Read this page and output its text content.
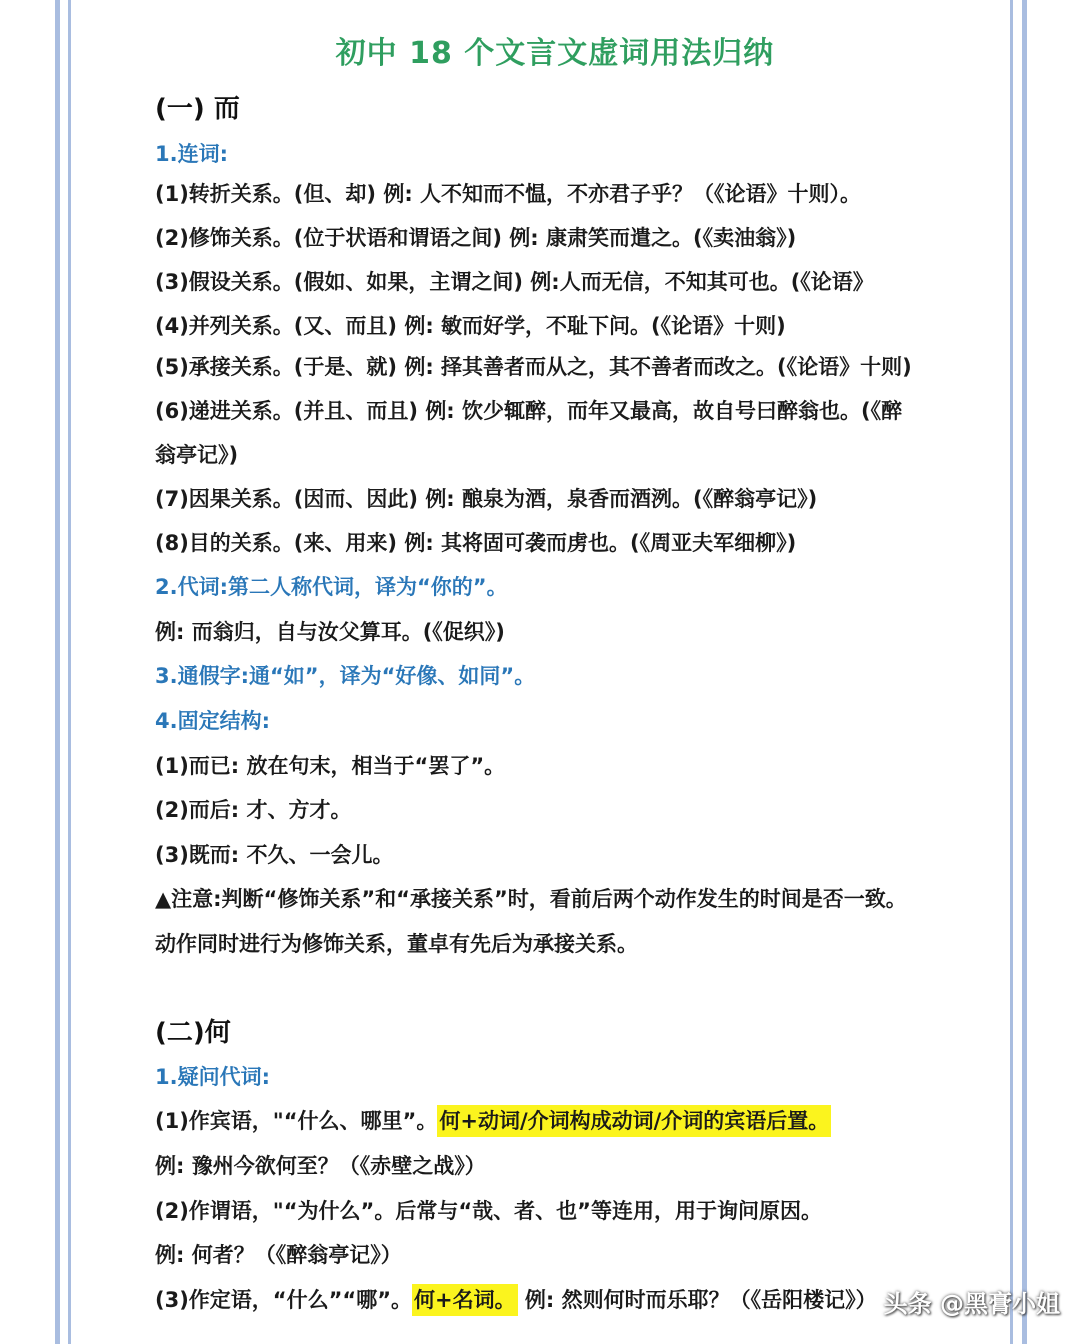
初中 18 个文言文虚词用法归纳
(一) 而
1.连词:
(1)转折关系。(但、却) 例: 人不知而不愠，不亦君子乎？（《论语》十则）。
(2)修饰关系。(位于状语和谓语之间) 例: 康肃笑而遣之。(《卖油翁》)
(3)假设关系。(假如、如果，主谓之间) 例:人而无信，不知其可也。(《论语》
(4)并列关系。(又、而且) 例: 敏而好学，不耻下问。(《论语》十则)
(5)承接关系。(于是、就) 例: 择其善者而从之，其不善者而改之。(《论语》十则)
(6)递进关系。(并且、而且) 例: 饮少辄醉，而年又最高，故自号曰醉翁也。(《醉
翁亭记》)
(7)因果关系。(因而、因此) 例: 酿泉为酒，泉香而酒洌。(《醉翁亭记》)
(8)目的关系。(来、用来) 例: 其将固可袭而虏也。(《周亚夫军细柳》)
2.代词:第二人称代词，译为“你的”。
例: 而翁归，自与汝父算耳。(《促织》)
3.通假字:通“如”，译为“好像、如同”。
4.固定结构:
(1)而已: 放在句末，相当于“罢了”。
(2)而后: 才、方才。
(3)既而: 不久、一会儿。
▲注意:判断“修饰关系”和“承接关系”时，看前后两个动作发生的时间是否一致。
动作同时进行为修饰关系，董卓有先后为承接关系。
(二)何
1.疑问代词:
(1)作宾语，"“什么、哪里”。何+动词/介词构成动词/介词的宾语后置。
例: 豫州今欲何至？（《赤壁之战》）
(2)作谓语，"“为什么”。后常与“哉、者、也”等连用，用于询问原因。
例: 何者？（《醉翁亭记》）
(3)作定语，“什么”“哪”。何+名词。 例: 然则何时而乐耶？（《岳阳楼记》） 头条 @黑膏小姐
